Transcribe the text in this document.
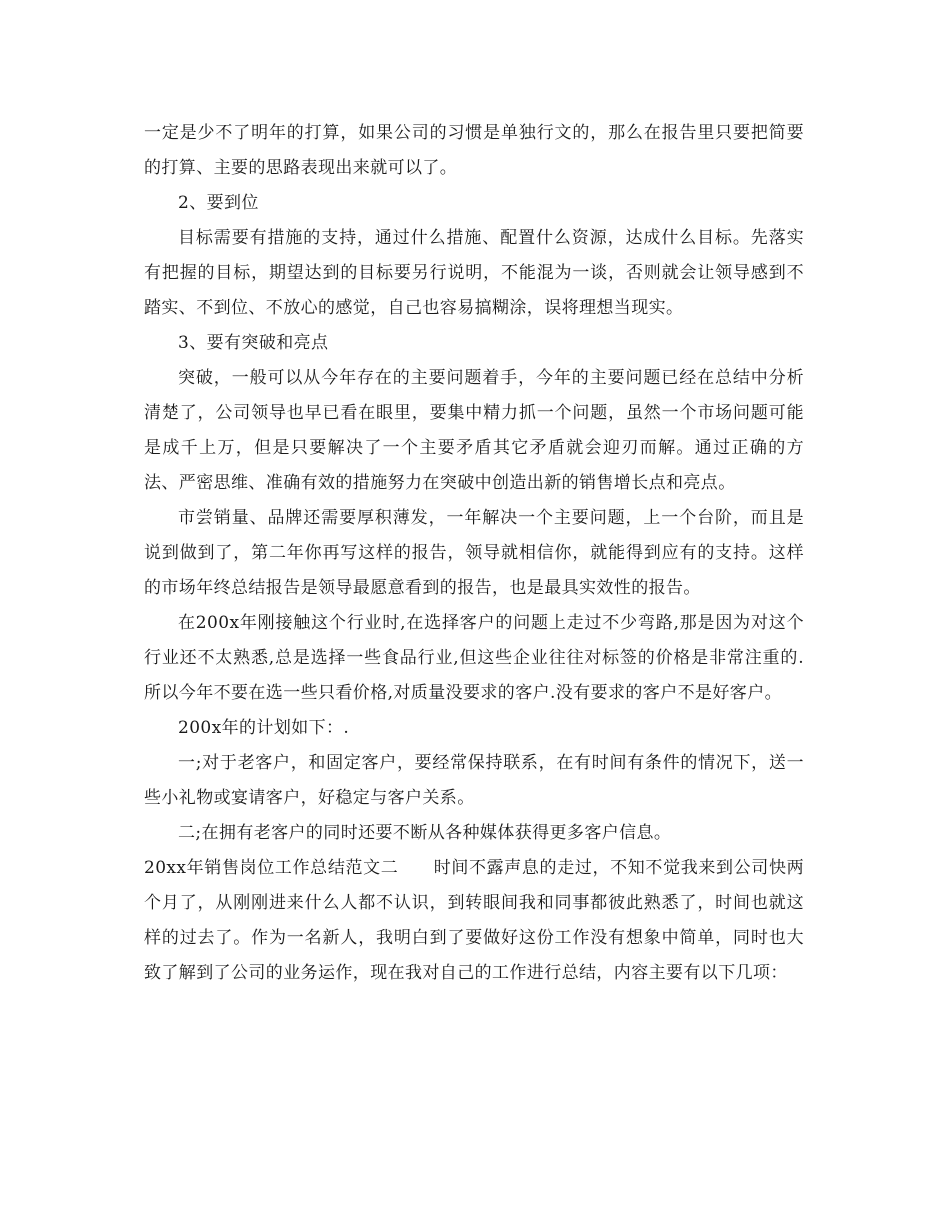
一定是少不了明年的打算，如果公司的习惯是单独行文的，那么在报告里只要把简要的打算、主要的思路表现出来就可以了。

2、要到位

目标需要有措施的支持，通过什么措施、配置什么资源，达成什么目标。先落实有把握的目标，期望达到的目标要另行说明，不能混为一谈，否则就会让领导感到不踏实、不到位、不放心的感觉，自己也容易搞糊涂，误将理想当现实。

3、要有突破和亮点

突破，一般可以从今年存在的主要问题着手，今年的主要问题已经在总结中分析清楚了，公司领导也早已看在眼里，要集中精力抓一个问题，虽然一个市场问题可能是成千上万，但是只要解决了一个主要矛盾其它矛盾就会迎刃而解。通过正确的方法、严密思维、准确有效的措施努力在突破中创造出新的销售增长点和亮点。

市尝销量、品牌还需要厚积薄发，一年解决一个主要问题，上一个台阶，而且是说到做到了，第二年你再写这样的报告，领导就相信你，就能得到应有的支持。这样的市场年终总结报告是领导最愿意看到的报告，也是最具实效性的报告。

在200x年刚接触这个行业时,在选择客户的问题上走过不少弯路,那是因为对这个行业还不太熟悉,总是选择一些食品行业,但这些企业往往对标签的价格是非常注重的.所以今年不要在选一些只看价格,对质量没要求的客户.没有要求的客户不是好客户。

200x年的计划如下：.

一;对于老客户，和固定客户，要经常保持联系，在有时间有条件的情况下，送一些小礼物或宴请客户，好稳定与客户关系。

二;在拥有老客户的同时还要不断从各种媒体获得更多客户信息。

20xx年销售岗位工作总结范文二　　时间不露声息的走过，不知不觉我来到公司快两个月了，从刚刚进来什么人都不认识，到转眼间我和同事都彼此熟悉了，时间也就这样的过去了。作为一名新人，我明白到了要做好这份工作没有想象中简单，同时也大致了解到了公司的业务运作，现在我对自己的工作进行总结，内容主要有以下几项：
